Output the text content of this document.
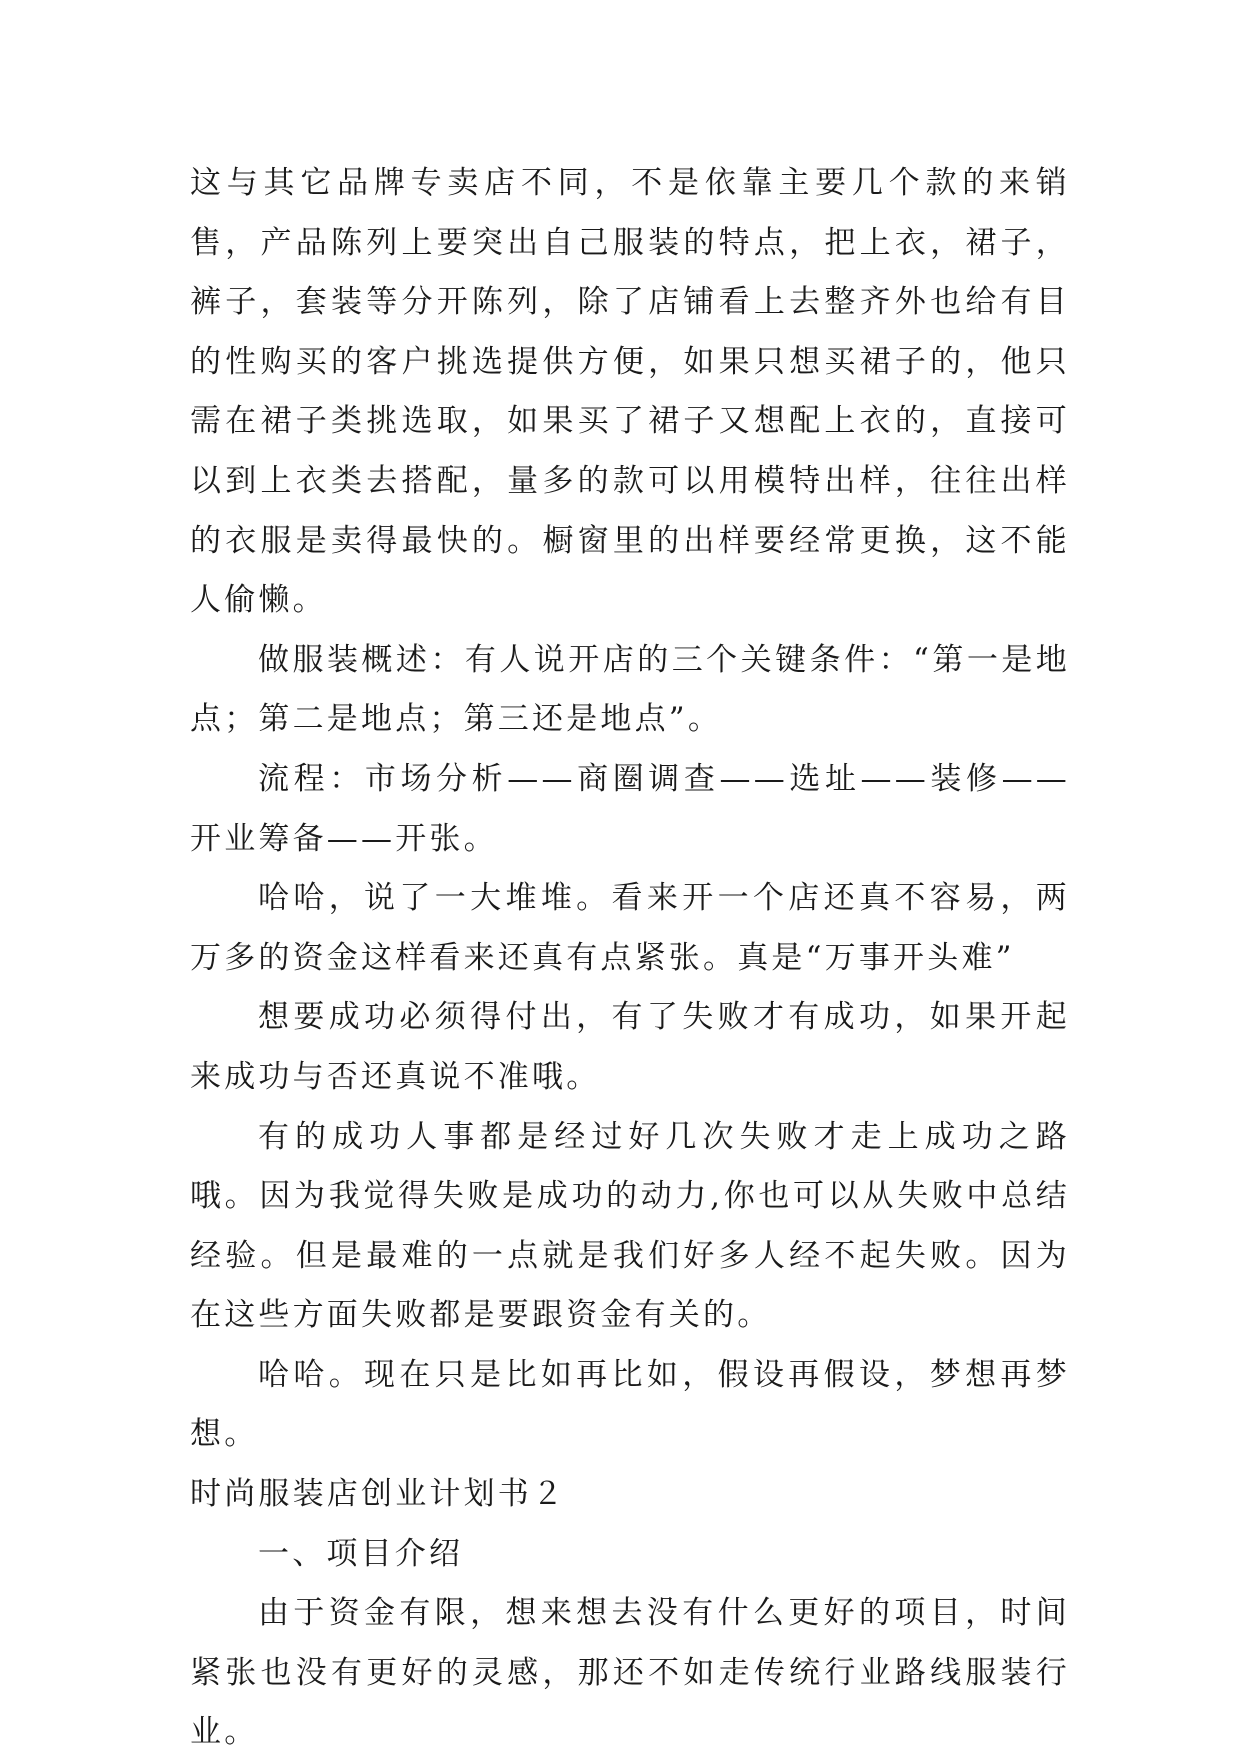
这与其它品牌专卖店不同，不是依靠主要几个款的来销售，产品陈列上要突出自己服装的特点，把上衣，裙子，裤子，套装等分开陈列，除了店铺看上去整齐外也给有目的性购买的客户挑选提供方便，如果只想买裙子的，他只需在裙子类挑选取，如果买了裙子又想配上衣的，直接可以到上衣类去搭配，量多的款可以用模特出样，往往出样的衣服是卖得最快的。橱窗里的出样要经常更换，这不能人偷懒。

做服装概述：有人说开店的三个关键条件：“第一是地点；第二是地点；第三还是地点”。

流程：市场分析——商圈调查——选址——装修——开业筹备——开张。

哈哈，说了一大堆堆。看来开一个店还真不容易，两万多的资金这样看来还真有点紧张。真是“万事开头难”

想要成功必须得付出，有了失败才有成功，如果开起来成功与否还真说不准哦。

有的成功人事都是经过好几次失败才走上成功之路哦。因为我觉得失败是成功的动力,你也可以从失败中总结经验。但是最难的一点就是我们好多人经不起失败。因为在这些方面失败都是要跟资金有关的。

哈哈。现在只是比如再比如，假设再假设，梦想再梦想。

时尚服装店创业计划书２

一、项目介绍

由于资金有限，想来想去没有什么更好的项目，时间紧张也没有更好的灵感，那还不如走传统行业路线服装行业。
